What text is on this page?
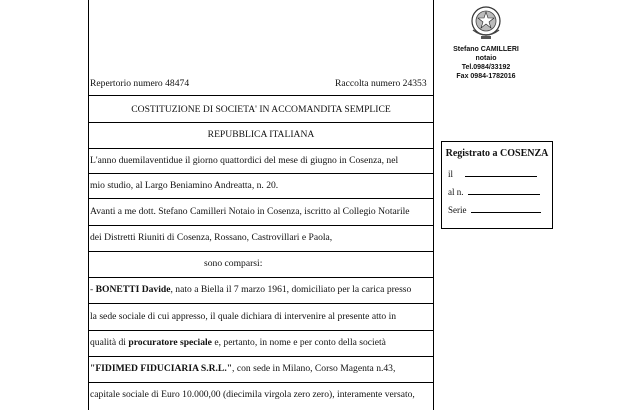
Repertorio numero 48474	Raccolta numero 24353
Stefano CAMILLERI
notaio
Tel.0984/33192
Fax 0984-1782016
COSTITUZIONE DI SOCIETA' IN ACCOMANDITA SEMPLICE
REPUBBLICA ITALIANA
L'anno duemilaventidue il giorno quattordici del mese di giugno in Cosenza, nel
mio studio, al Largo Beniamino Andreatta, n. 20.
Avanti a me dott. Stefano Camilleri Notaio in Cosenza, iscritto al Collegio Notarile
dei Distretti Riuniti di Cosenza, Rossano, Castrovillari e Paola,
sono comparsi:
- BONETTI Davide, nato a Biella il 7 marzo 1961, domiciliato per la carica presso
la sede sociale di cui appresso, il quale dichiara di intervenire al presente atto in
qualità di procuratore speciale e, pertanto, in nome e per conto della società
"FIDIMED FIDUCIARIA S.R.L.", con sede in Milano, Corso Magenta n.43,
capitale sociale di Euro 10.000,00 (diecimila virgola zero zero), interamente versato,
Registrato a COSENZA
il
al n.
Serie
